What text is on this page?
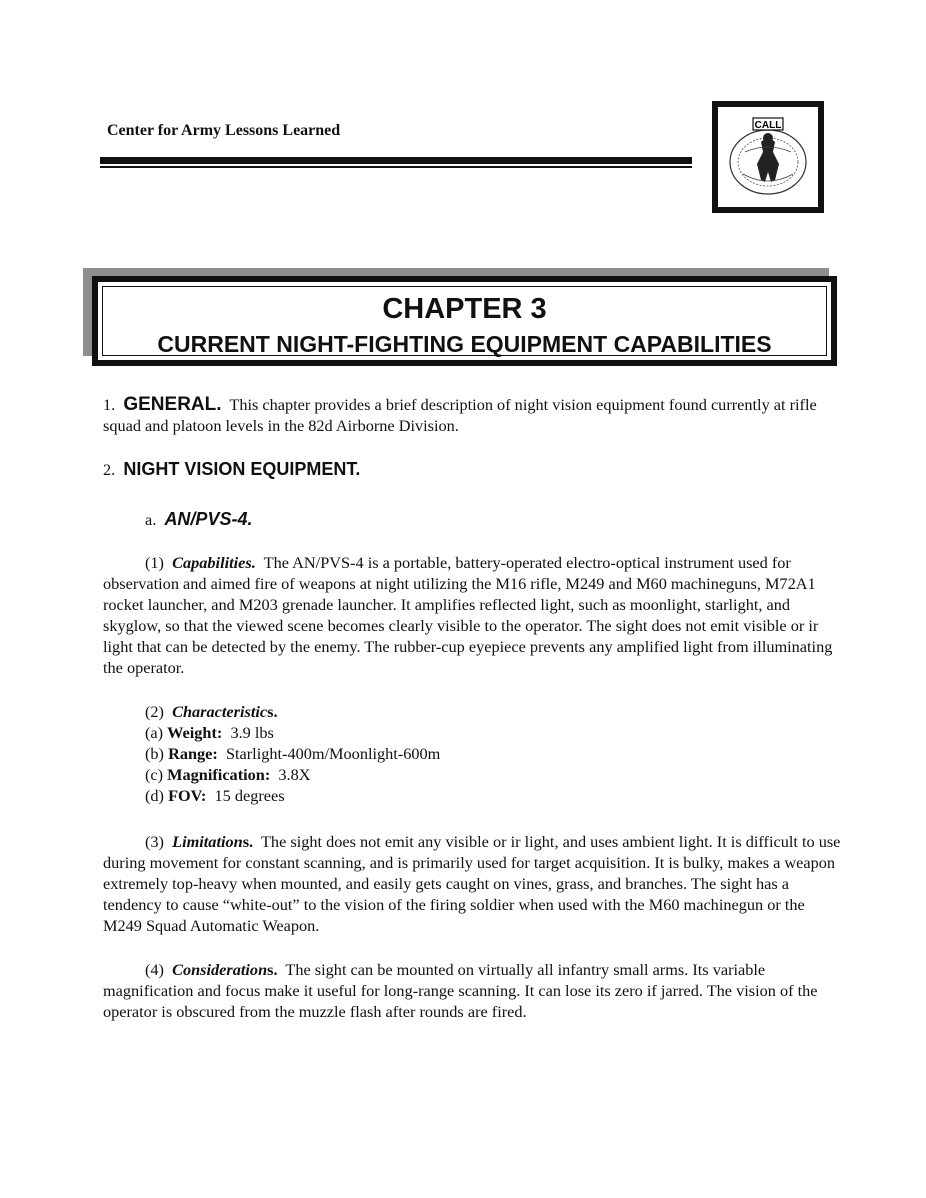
Center for Army Lessons Learned	CALL
CHAPTER 3
CURRENT NIGHT-FIGHTING EQUIPMENT CAPABILITIES
1. GENERAL. This chapter provides a brief description of night vision equipment found currently at rifle squad and platoon levels in the 82d Airborne Division.
2. NIGHT VISION EQUIPMENT.
a. AN/PVS-4.
(1) Capabilities. The AN/PVS-4 is a portable, battery-operated electro-optical instrument used for observation and aimed fire of weapons at night utilizing the M16 rifle, M249 and M60 machineguns, M72A1 rocket launcher, and M203 grenade launcher. It amplifies reflected light, such as moonlight, starlight, and skyglow, so that the viewed scene becomes clearly visible to the operator. The sight does not emit visible or ir light that can be detected by the enemy. The rubber-cup eyepiece prevents any amplified light from illuminating the operator.
(2) Characteristics.
(a) Weight: 3.9 lbs
(b) Range: Starlight-400m/Moonlight-600m
(c) Magnification: 3.8X
(d) FOV: 15 degrees
(3) Limitations. The sight does not emit any visible or ir light, and uses ambient light. It is difficult to use during movement for constant scanning, and is primarily used for target acquisition. It is bulky, makes a weapon extremely top-heavy when mounted, and easily gets caught on vines, grass, and branches. The sight has a tendency to cause “white-out” to the vision of the firing soldier when used with the M60 machinegun or the M249 Squad Automatic Weapon.
(4) Considerations. The sight can be mounted on virtually all infantry small arms. Its variable magnification and focus make it useful for long-range scanning. It can lose its zero if jarred. The vision of the operator is obscured from the muzzle flash after rounds are fired.
